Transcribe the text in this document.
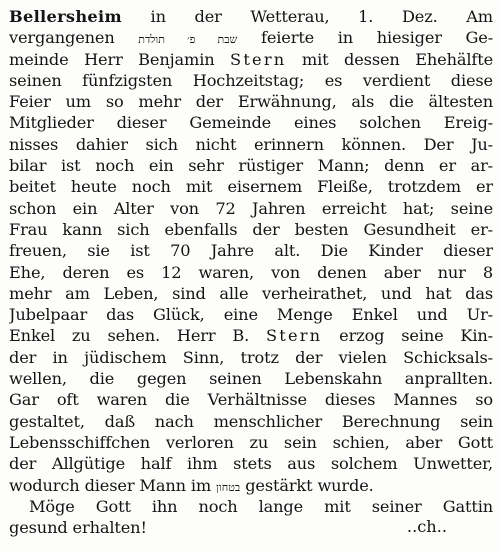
Bellersheim in der Wetterau, 1. Dez. Am
vergangenen שבת פ׳ תולדת feierte in hiesiger Ge-
meinde Herr Benjamin Stern mit dessen Ehehälfte
seinen fünfzigsten Hochzeitstag; es verdient diese
Feier um so mehr der Erwähnung, als die ältesten
Mitglieder dieser Gemeinde eines solchen Ereig-
nisses dahier sich nicht erinnern können. Der Ju-
bilar ist noch ein sehr rüstiger Mann; denn er ar-
beitet heute noch mit eisernem Fleiße, trotzdem er
schon ein Alter von 72 Jahren erreicht hat; seine
Frau kann sich ebenfalls der besten Gesundheit er-
freuen, sie ist 70 Jahre alt. Die Kinder dieser
Ehe, deren es 12 waren, von denen aber nur 8
mehr am Leben, sind alle verheirathet, und hat das
Jubelpaar das Glück, eine Menge Enkel und Ur-
Enkel zu sehen. Herr B. Stern erzog seine Kin-
der in jüdischem Sinn, trotz der vielen Schicksals-
wellen, die gegen seinen Lebenskahn anprallten.
Gar oft waren die Verhältnisse dieses Mannes so
gestaltet, daß nach menschlicher Berechnung sein
Lebensschiffchen verloren zu sein schien, aber Gott
der Allgütige half ihm stets aus solchem Unwetter,
wodurch dieser Mann im בטחון gestärkt wurde.
Möge Gott ihn noch lange mit seiner Gattin
gesund erhalten!	..ch..
